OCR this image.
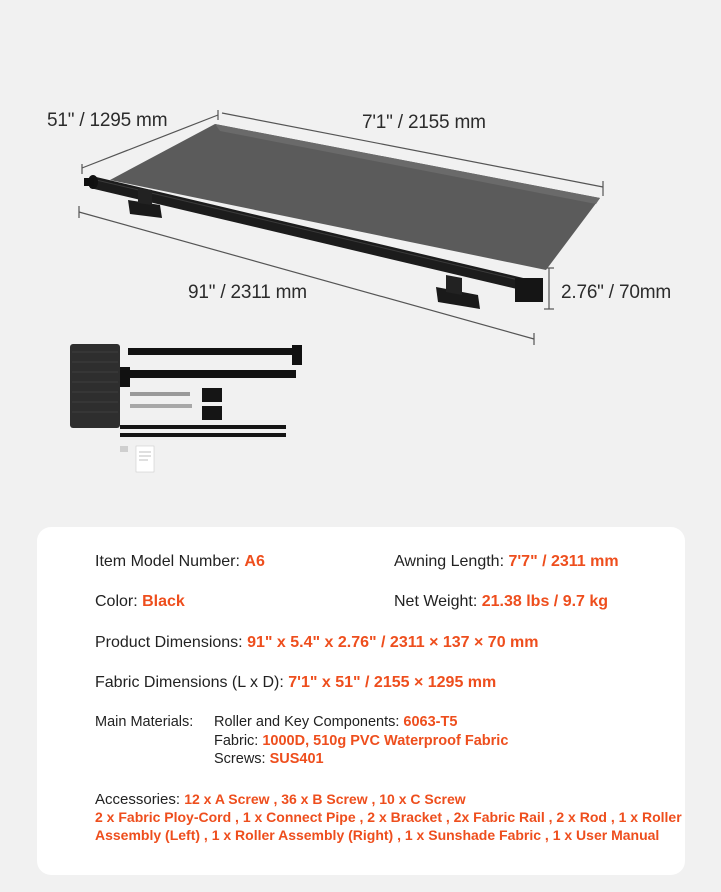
51" / 1295 mm	7'1" / 2155 mm
91" / 2311 mm	2.76" / 70mm
Item Model Number: A6	Awning Length: 7'7" / 2311 mm
Color: Black	Net Weight: 21.38 lbs / 9.7 kg
Product Dimensions: 91" x 5.4" x 2.76" / 2311 × 137 × 70 mm
Fabric Dimensions (L x D): 7'1" x 51" / 2155 × 1295 mm
Main Materials: Roller and Key Components: 6063-T5
Fabric: 1000D, 510g PVC Waterproof Fabric
Screws: SUS401
Accessories: 12 x A Screw , 36 x B Screw , 10 x C Screw
2 x Fabric Ploy-Cord , 1 x Connect Pipe , 2 x Bracket , 2x Fabric Rail , 2 x Rod , 1 x Roller
Assembly (Left) , 1 x Roller Assembly (Right) , 1 x Sunshade Fabric , 1 x User Manual
